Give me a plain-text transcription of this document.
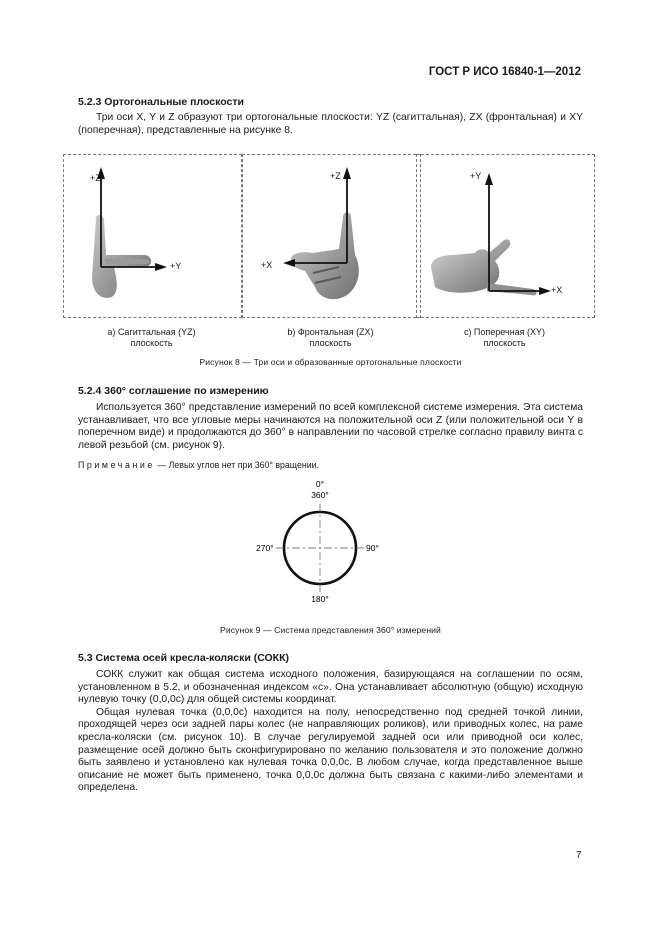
ГОСТ Р ИСО 16840-1—2012
5.2.3 Ортогональные плоскости

Три оси X, Y и Z образуют три ортогональные плоскости: YZ (сагиттальная), ZX (фронтальная) и XY (поперечная), представленные на рисунке 8.

+Z
+Y
+Z
+X
+Y
+X
а) Сагиттальная (YZ)
плоскость
b) Фронтальная (ZX)
плоскость
с) Поперечная (XY)
плоскость
Рисунок 8 — Три оси и образованные ортогональные плоскости
5.2.4 360° соглашение по измерению

Используется 360° представление измерений по всей комплексной системе измерения. Эта система устанавливает, что все угловые меры начинаются на положительной оси Z (или положительной оси Y в поперечном виде) и продолжаются до 360° в направлении по часовой стрелке согласно правилу винта с левой резьбой (см. рисунок 9).

Примечание — Левых углов нет при 360° вращении.
0°
360°
90°
180°
270°
Рисунок 9 — Система представления 360° измерений
5.3 Система осей кресла-коляски (СОКК)

СОКК служит как общая система исходного положения, базирующаяся на соглашении по осям, установленном в 5.2, и обозначенная индексом «с». Она устанавливает абсолютную (общую) исходную нулевую точку (0,0,0с) для общей системы координат.

Общая нулевая точка (0,0,0с) находится на полу, непосредственно под средней точкой линии, проходящей через оси задней пары колес (не направляющих роликов), или приводных колес, на раме кресла-коляски (см. рисунок 10). В случае регулируемой задней оси или приводной оси колес, размещение осей должно быть сконфигурировано по желанию пользователя и это положение должно быть заявлено и установлено как нулевая точка 0,0,0с. В любом случае, когда представленное выше описание не может быть применено, точка 0,0,0с должна быть связана с какими-либо элементами и определена.

7
